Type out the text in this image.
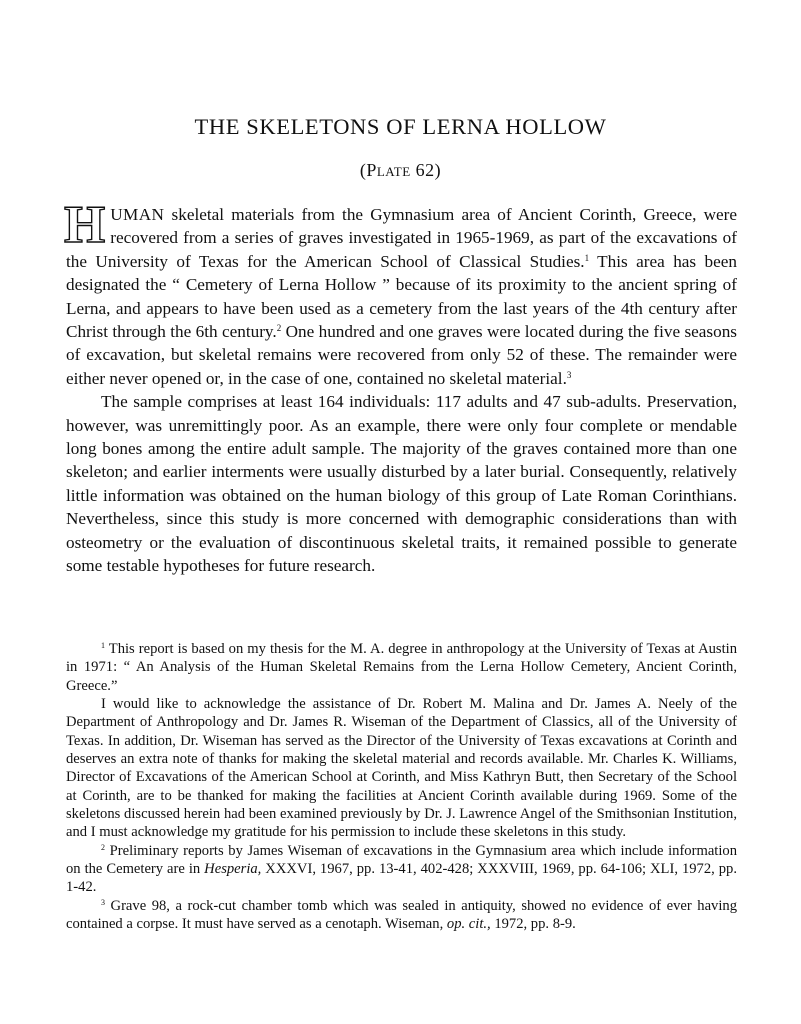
THE SKELETONS OF LERNA HOLLOW
(Plate 62)

HUMAN skeletal materials from the Gymnasium area of Ancient Corinth, Greece, were recovered from a series of graves investigated in 1965-1969, as part of the excavations of the University of Texas for the American School of Classical Studies.$^1$ This area has been designated the “ Cemetery of Lerna Hollow ” because of its proximity to the ancient spring of Lerna, and appears to have been used as a cemetery from the last years of the 4th century after Christ through the 6th century.$^2$ One hundred and one graves were located during the five seasons of excavation, but skeletal remains were recovered from only 52 of these. The remainder were either never opened or, in the case of one, contained no skeletal material.$^3$

The sample comprises at least 164 individuals: 117 adults and 47 sub-adults. Preservation, however, was unremittingly poor. As an example, there were only four complete or mendable long bones among the entire adult sample. The majority of the graves contained more than one skeleton; and earlier interments were usually disturbed by a later burial. Consequently, relatively little information was obtained on the human biology of this group of Late Roman Corinthians. Nevertheless, since this study is more concerned with demographic considerations than with osteometry or the evaluation of discontinuous skeletal traits, it remained possible to generate some testable hypotheses for future research.

$^1$ This report is based on my thesis for the M. A. degree in anthropology at the University of Texas at Austin in 1971: “ An Analysis of the Human Skeletal Remains from the Lerna Hollow Cemetery, Ancient Corinth, Greece.”

I would like to acknowledge the assistance of Dr. Robert M. Malina and Dr. James A. Neely of the Department of Anthropology and Dr. James R. Wiseman of the Department of Classics, all of the University of Texas. In addition, Dr. Wiseman has served as the Director of the University of Texas excavations at Corinth and deserves an extra note of thanks for making the skeletal material and records available. Mr. Charles K. Williams, Director of Excavations of the American School at Corinth, and Miss Kathryn Butt, then Secretary of the School at Corinth, are to be thanked for making the facilities at Ancient Corinth available during 1969. Some of the skeletons discussed herein had been examined previously by Dr. J. Lawrence Angel of the Smithsonian Institution, and I must acknowledge my gratitude for his permission to include these skeletons in this study.

$^2$ Preliminary reports by James Wiseman of excavations in the Gymnasium area which include information on the Cemetery are in Hesperia, XXXVI, 1967, pp. 13-41, 402-428; XXXVIII, 1969, pp. 64-106; XLI, 1972, pp. 1-42.

$^3$ Grave 98, a rock-cut chamber tomb which was sealed in antiquity, showed no evidence of ever having contained a corpse. It must have served as a cenotaph. Wiseman, op. cit., 1972, pp. 8-9.
